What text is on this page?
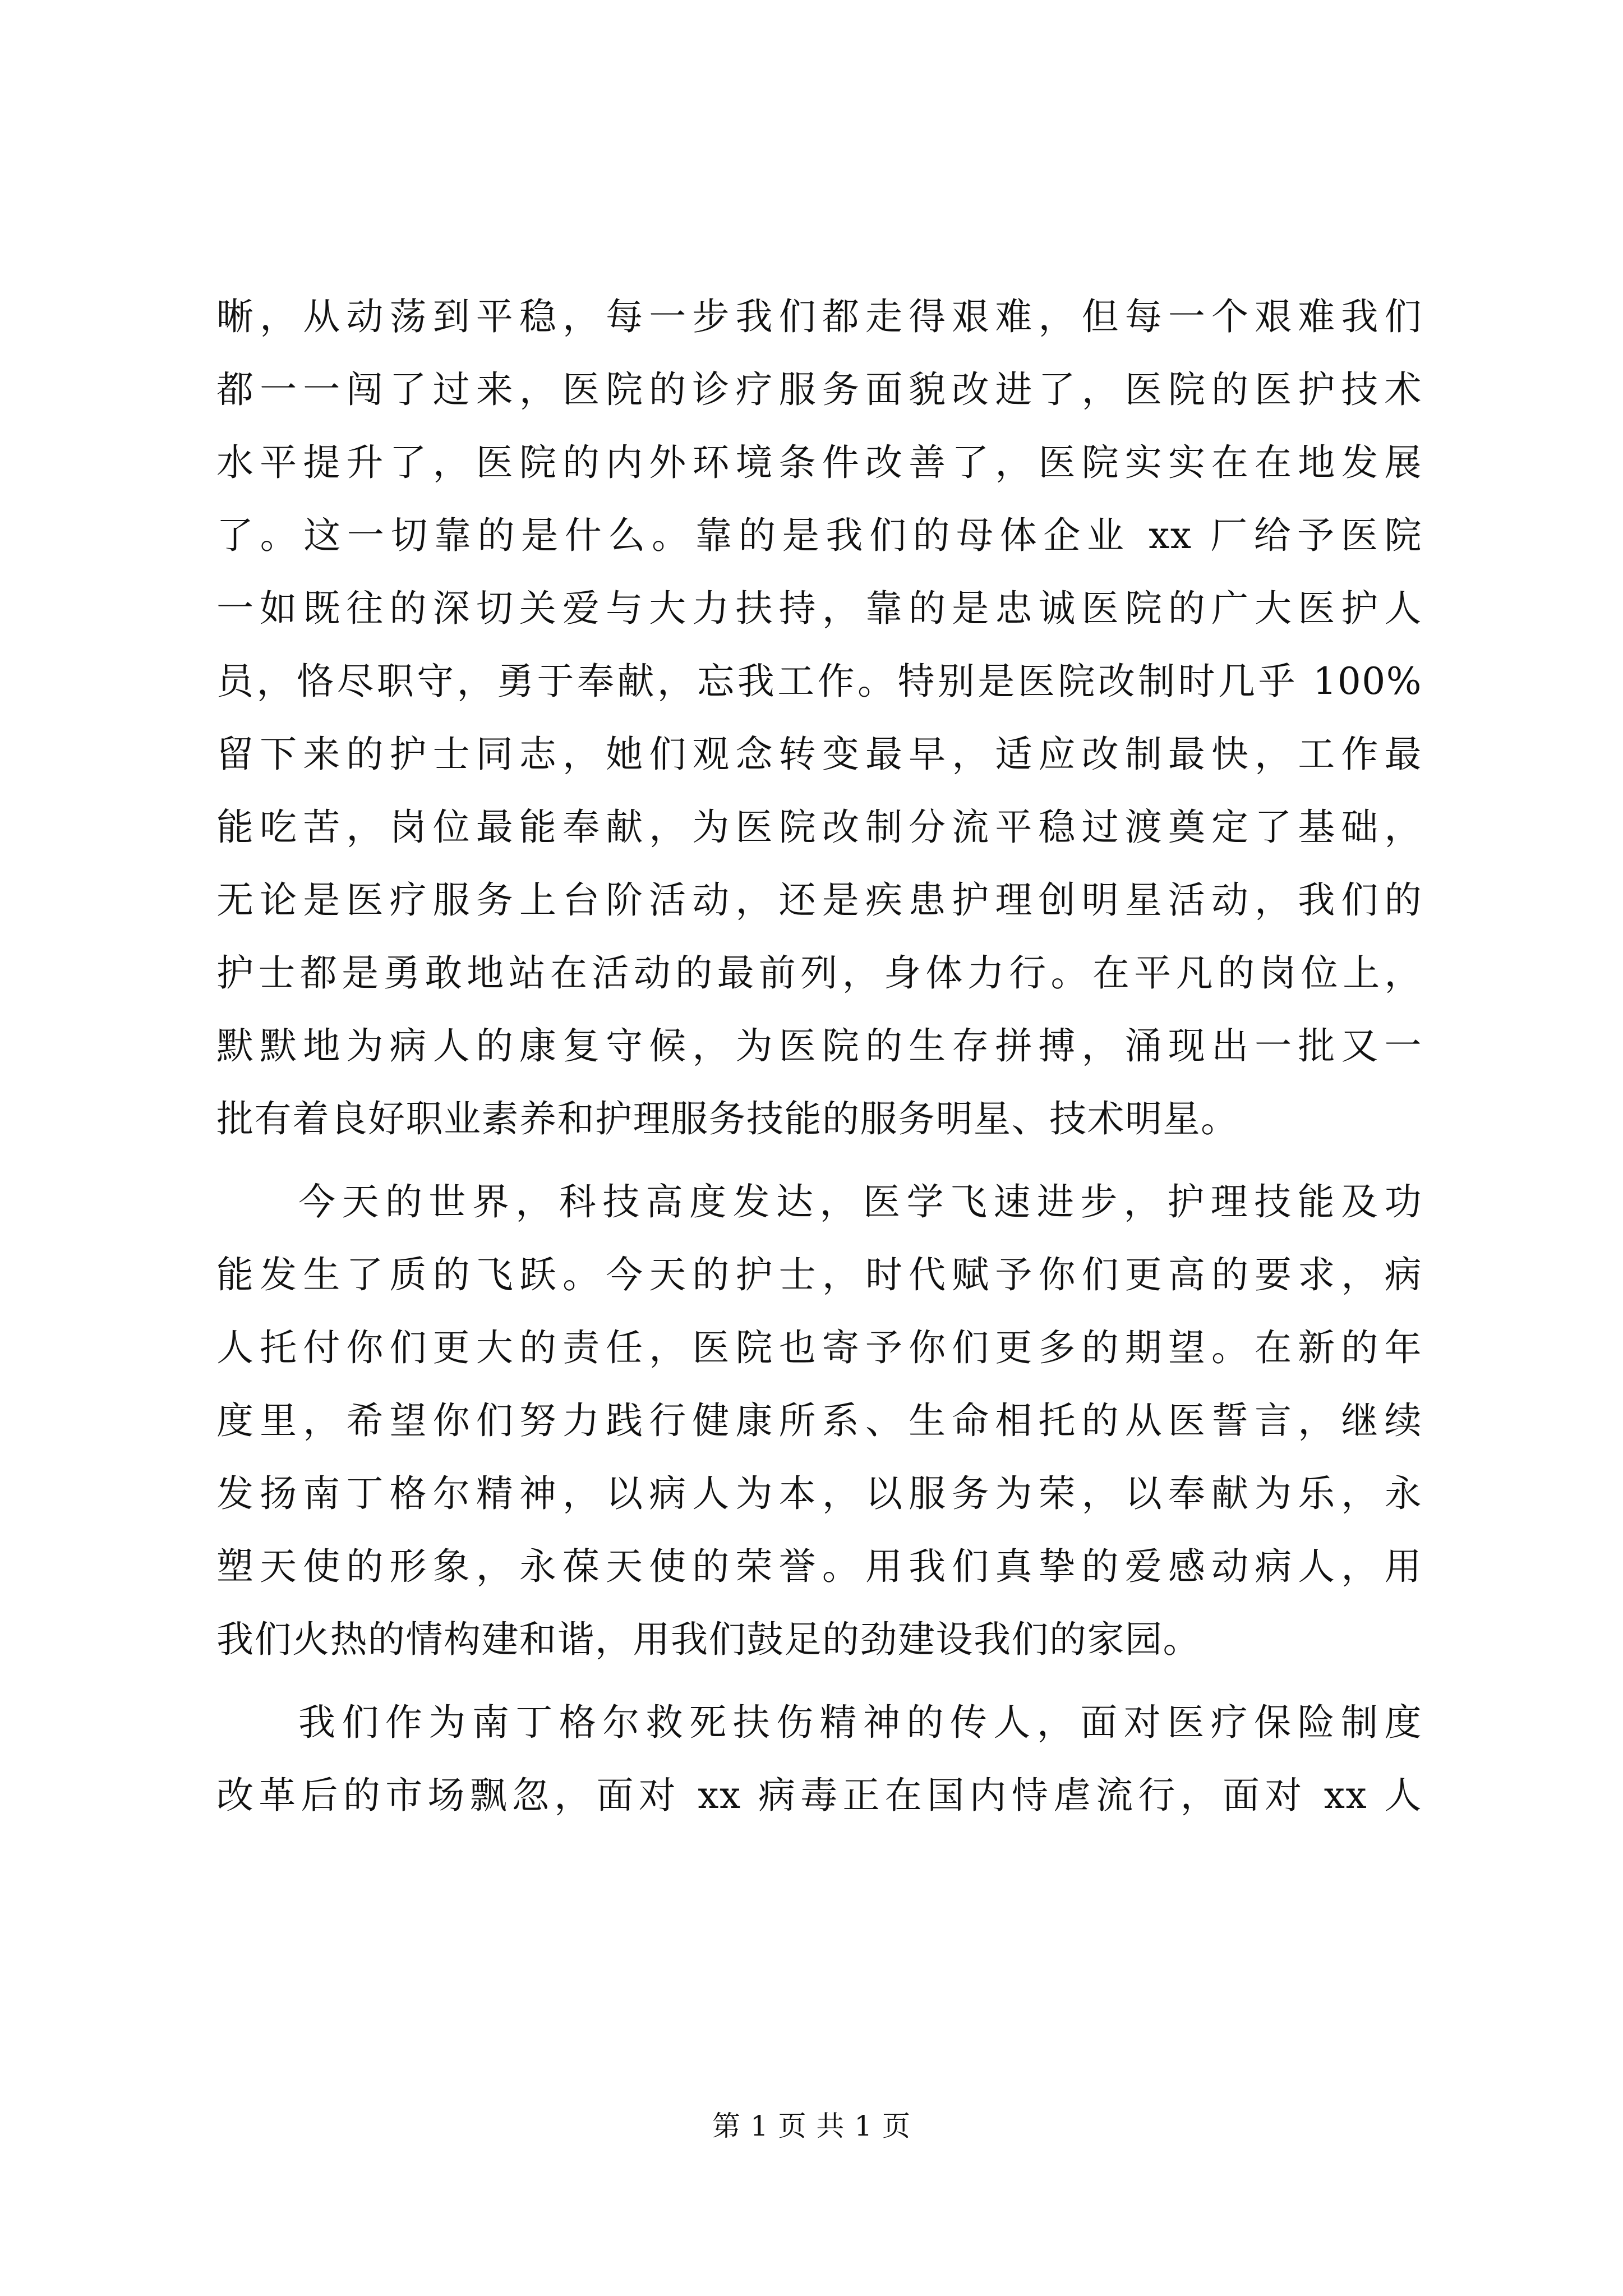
晰，从动荡到平稳，每一步我们都走得艰难，但每一个艰难我们
都一一闯了过来，医院的诊疗服务面貌改进了，医院的医护技术
水平提升了，医院的内外环境条件改善了，医院实实在在地发展
了。这一切靠的是什么。靠的是我们的母体企业 xx 厂给予医院
一如既往的深切关爱与大力扶持，靠的是忠诚医院的广大医护人
员，恪尽职守，勇于奉献，忘我工作。特别是医院改制时几乎 100%
留下来的护士同志，她们观念转变最早，适应改制最快，工作最
能吃苦，岗位最能奉献，为医院改制分流平稳过渡奠定了基础，
无论是医疗服务上台阶活动，还是疾患护理创明星活动，我们的
护士都是勇敢地站在活动的最前列，身体力行。在平凡的岗位上，
默默地为病人的康复守候，为医院的生存拼搏，涌现出一批又一
批有着良好职业素养和护理服务技能的服务明星、技术明星。
今天的世界，科技高度发达，医学飞速进步，护理技能及功
能发生了质的飞跃。今天的护士，时代赋予你们更高的要求，病
人托付你们更大的责任，医院也寄予你们更多的期望。在新的年
度里，希望你们努力践行健康所系、生命相托的从医誓言，继续
发扬南丁格尔精神，以病人为本，以服务为荣，以奉献为乐，永
塑天使的形象，永葆天使的荣誉。用我们真挚的爱感动病人，用
我们火热的情构建和谐，用我们鼓足的劲建设我们的家园。
我们作为南丁格尔救死扶伤精神的传人，面对医疗保险制度
改革后的市场飘忽，面对 xx 病毒正在国内恃虐流行，面对 xx 人
第 1 页 共 1 页
